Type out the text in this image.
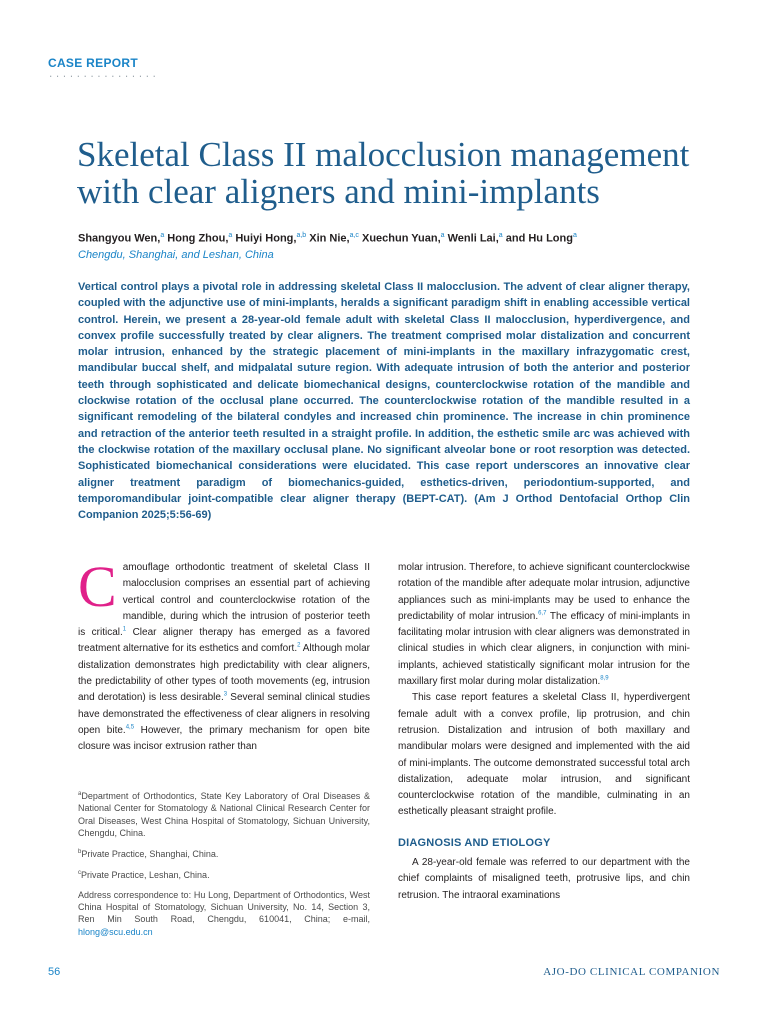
CASE REPORT
················
Skeletal Class II malocclusion management with clear aligners and mini-implants
Shangyou Wen,$^a$ Hong Zhou,$^a$ Huiyi Hong,$^{a,b}$ Xin Nie,$^{a,c}$ Xuechun Yuan,$^a$ Wenli Lai,$^a$ and Hu Long$^a$
Chengdu, Shanghai, and Leshan, China

Vertical control plays a pivotal role in addressing skeletal Class II malocclusion. The advent of clear aligner therapy, coupled with the adjunctive use of mini-implants, heralds a significant paradigm shift in enabling accessible vertical control. Herein, we present a 28-year-old female adult with skeletal Class II malocclusion, hyperdivergence, and convex profile successfully treated by clear aligners. The treatment comprised molar distalization and concurrent molar intrusion, enhanced by the strategic placement of mini-implants in the maxillary infrazygomatic crest, mandibular buccal shelf, and midpalatal suture region. With adequate intrusion of both the anterior and posterior teeth through sophisticated and delicate biomechanical designs, counterclockwise rotation of the mandible and clockwise rotation of the occlusal plane occurred. The counterclockwise rotation of the mandible resulted in a significant remodeling of the bilateral condyles and increased chin prominence. The increase in chin prominence and retraction of the anterior teeth resulted in a straight profile. In addition, the esthetic smile arc was achieved with the clockwise rotation of the maxillary occlusal plane. No significant alveolar bone or root resorption was detected. Sophisticated biomechanical considerations were elucidated. This case report underscores an innovative clear aligner treatment paradigm of biomechanics-guided, esthetics-driven, periodontium-supported, and temporomandibular joint-compatible clear aligner therapy (BEPT-CAT). (Am J Orthod Dentofacial Orthop Clin Companion 2025;5:56-69)

Camouflage orthodontic treatment of skeletal Class II malocclusion comprises an essential part of achieving vertical control and counterclockwise rotation of the mandible, during which the intrusion of posterior teeth is critical.$^1$ Clear aligner therapy has emerged as a favored treatment alternative for its esthetics and comfort.$^2$ Although molar distalization demonstrates high predictability with clear aligners, the predictability of other types of tooth movements (eg, intrusion and derotation) is less desirable.$^3$ Several seminal clinical studies have demonstrated the effectiveness of clear aligners in resolving open bite.$^{4,5}$ However, the primary mechanism for open bite closure was incisor extrusion rather than

molar intrusion. Therefore, to achieve significant counterclockwise rotation of the mandible after adequate molar intrusion, adjunctive appliances such as mini-implants may be used to enhance the predictability of molar intrusion.$^{6,7}$ The efficacy of mini-implants in facilitating molar intrusion with clear aligners was demonstrated in clinical studies in which clear aligners, in conjunction with mini-implants, achieved statistically significant molar intrusion for the maxillary first molar during molar distalization.$^{8,9}$

This case report features a skeletal Class II, hyperdivergent female adult with a convex profile, lip protrusion, and chin retrusion. Distalization and intrusion of both maxillary and mandibular molars were designed and implemented with the aid of mini-implants. The outcome demonstrated successful total arch distalization, adequate molar intrusion, and significant counterclockwise rotation of the mandible, culminating in an esthetically pleasant straight profile.

DIAGNOSIS AND ETIOLOGY

A 28-year-old female was referred to our department with the chief complaints of misaligned teeth, protrusive lips, and chin retrusion. The intraoral examinations

$^a$Department of Orthodontics, State Key Laboratory of Oral Diseases & National Center for Stomatology & National Clinical Research Center for Oral Diseases, West China Hospital of Stomatology, Sichuan University, Chengdu, China.

$^b$Private Practice, Shanghai, China.

$^c$Private Practice, Leshan, China.

Address correspondence to: Hu Long, Department of Orthodontics, West China Hospital of Stomatology, Sichuan University, No. 14, Section 3, Ren Min South Road, Chengdu, 610041, China; e-mail, hlong@scu.edu.cn

56	AJO-DO CLINICAL COMPANION
